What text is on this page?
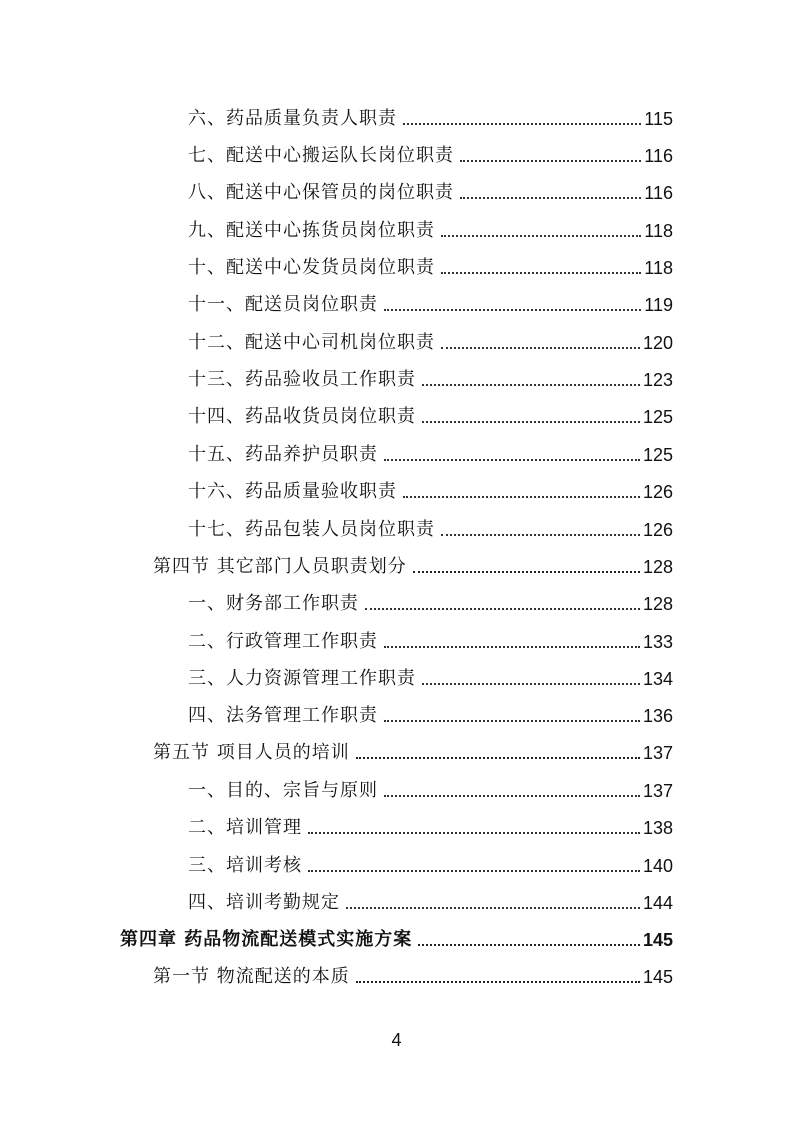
六、药品质量负责人职责	115
七、配送中心搬运队长岗位职责	116
八、配送中心保管员的岗位职责	116
九、配送中心拣货员岗位职责	118
十、配送中心发货员岗位职责	118
十一、配送员岗位职责	119
十二、配送中心司机岗位职责	120
十三、药品验收员工作职责	123
十四、药品收货员岗位职责	125
十五、药品养护员职责	125
十六、药品质量验收职责	126
十七、药品包装人员岗位职责	126
第四节 其它部门人员职责划分	128
一、财务部工作职责	128
二、行政管理工作职责	133
三、人力资源管理工作职责	134
四、法务管理工作职责	136
第五节 项目人员的培训	137
一、目的、宗旨与原则	137
二、培训管理	138
三、培训考核	140
四、培训考勤规定	144
第四章 药品物流配送模式实施方案	145
第一节 物流配送的本质	145
4
